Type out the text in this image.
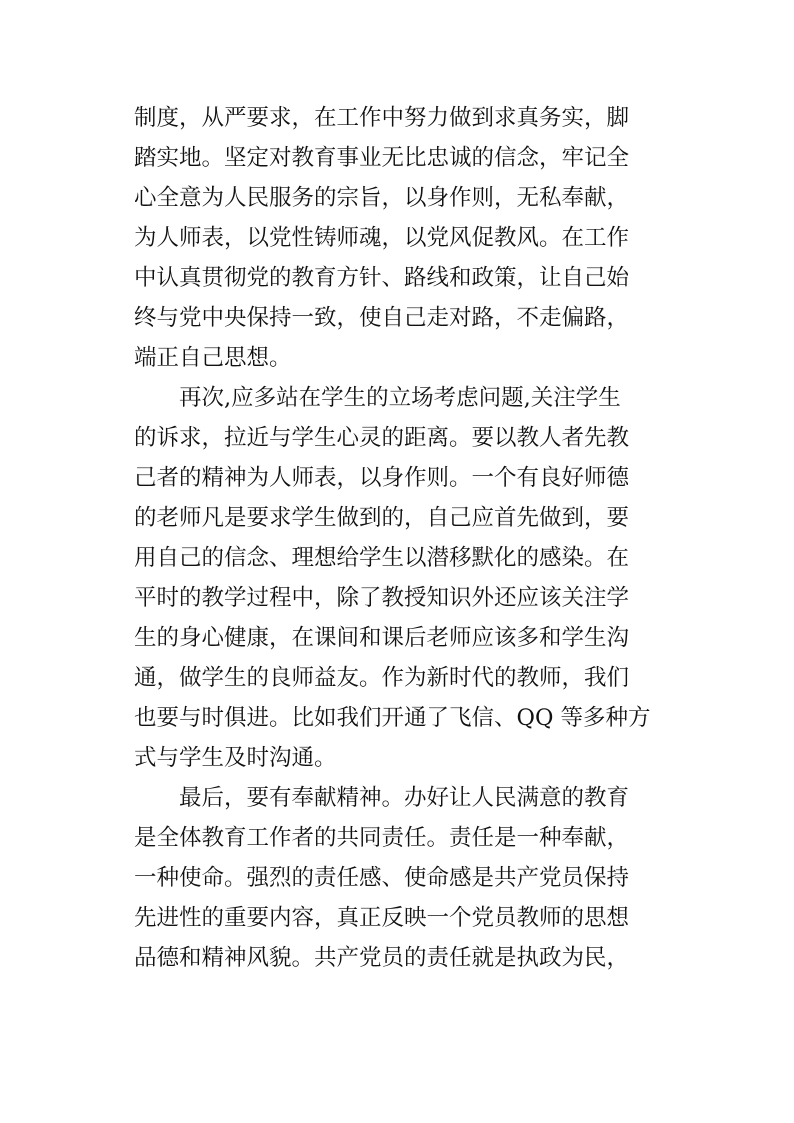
制度，从严要求，在工作中努力做到求真务实，脚
踏实地。坚定对教育事业无比忠诚的信念，牢记全
心全意为人民服务的宗旨，以身作则，无私奉献，
为人师表，以党性铸师魂，以党风促教风。在工作
中认真贯彻党的教育方针、路线和政策，让自己始
终与党中央保持一致，使自己走对路，不走偏路，
端正自己思想。
再次,应多站在学生的立场考虑问题,关注学生
的诉求，拉近与学生心灵的距离。要以教人者先教
己者的精神为人师表，以身作则。一个有良好师德
的老师凡是要求学生做到的，自己应首先做到，要
用自己的信念、理想给学生以潜移默化的感染。在
平时的教学过程中，除了教授知识外还应该关注学
生的身心健康，在课间和课后老师应该多和学生沟
通，做学生的良师益友。作为新时代的教师，我们
也要与时俱进。比如我们开通了飞信、QQ 等多种方
式与学生及时沟通。
最后，要有奉献精神。办好让人民满意的教育
是全体教育工作者的共同责任。责任是一种奉献，
一种使命。强烈的责任感、使命感是共产党员保持
先进性的重要内容，真正反映一个党员教师的思想
品德和精神风貌。共产党员的责任就是执政为民，
